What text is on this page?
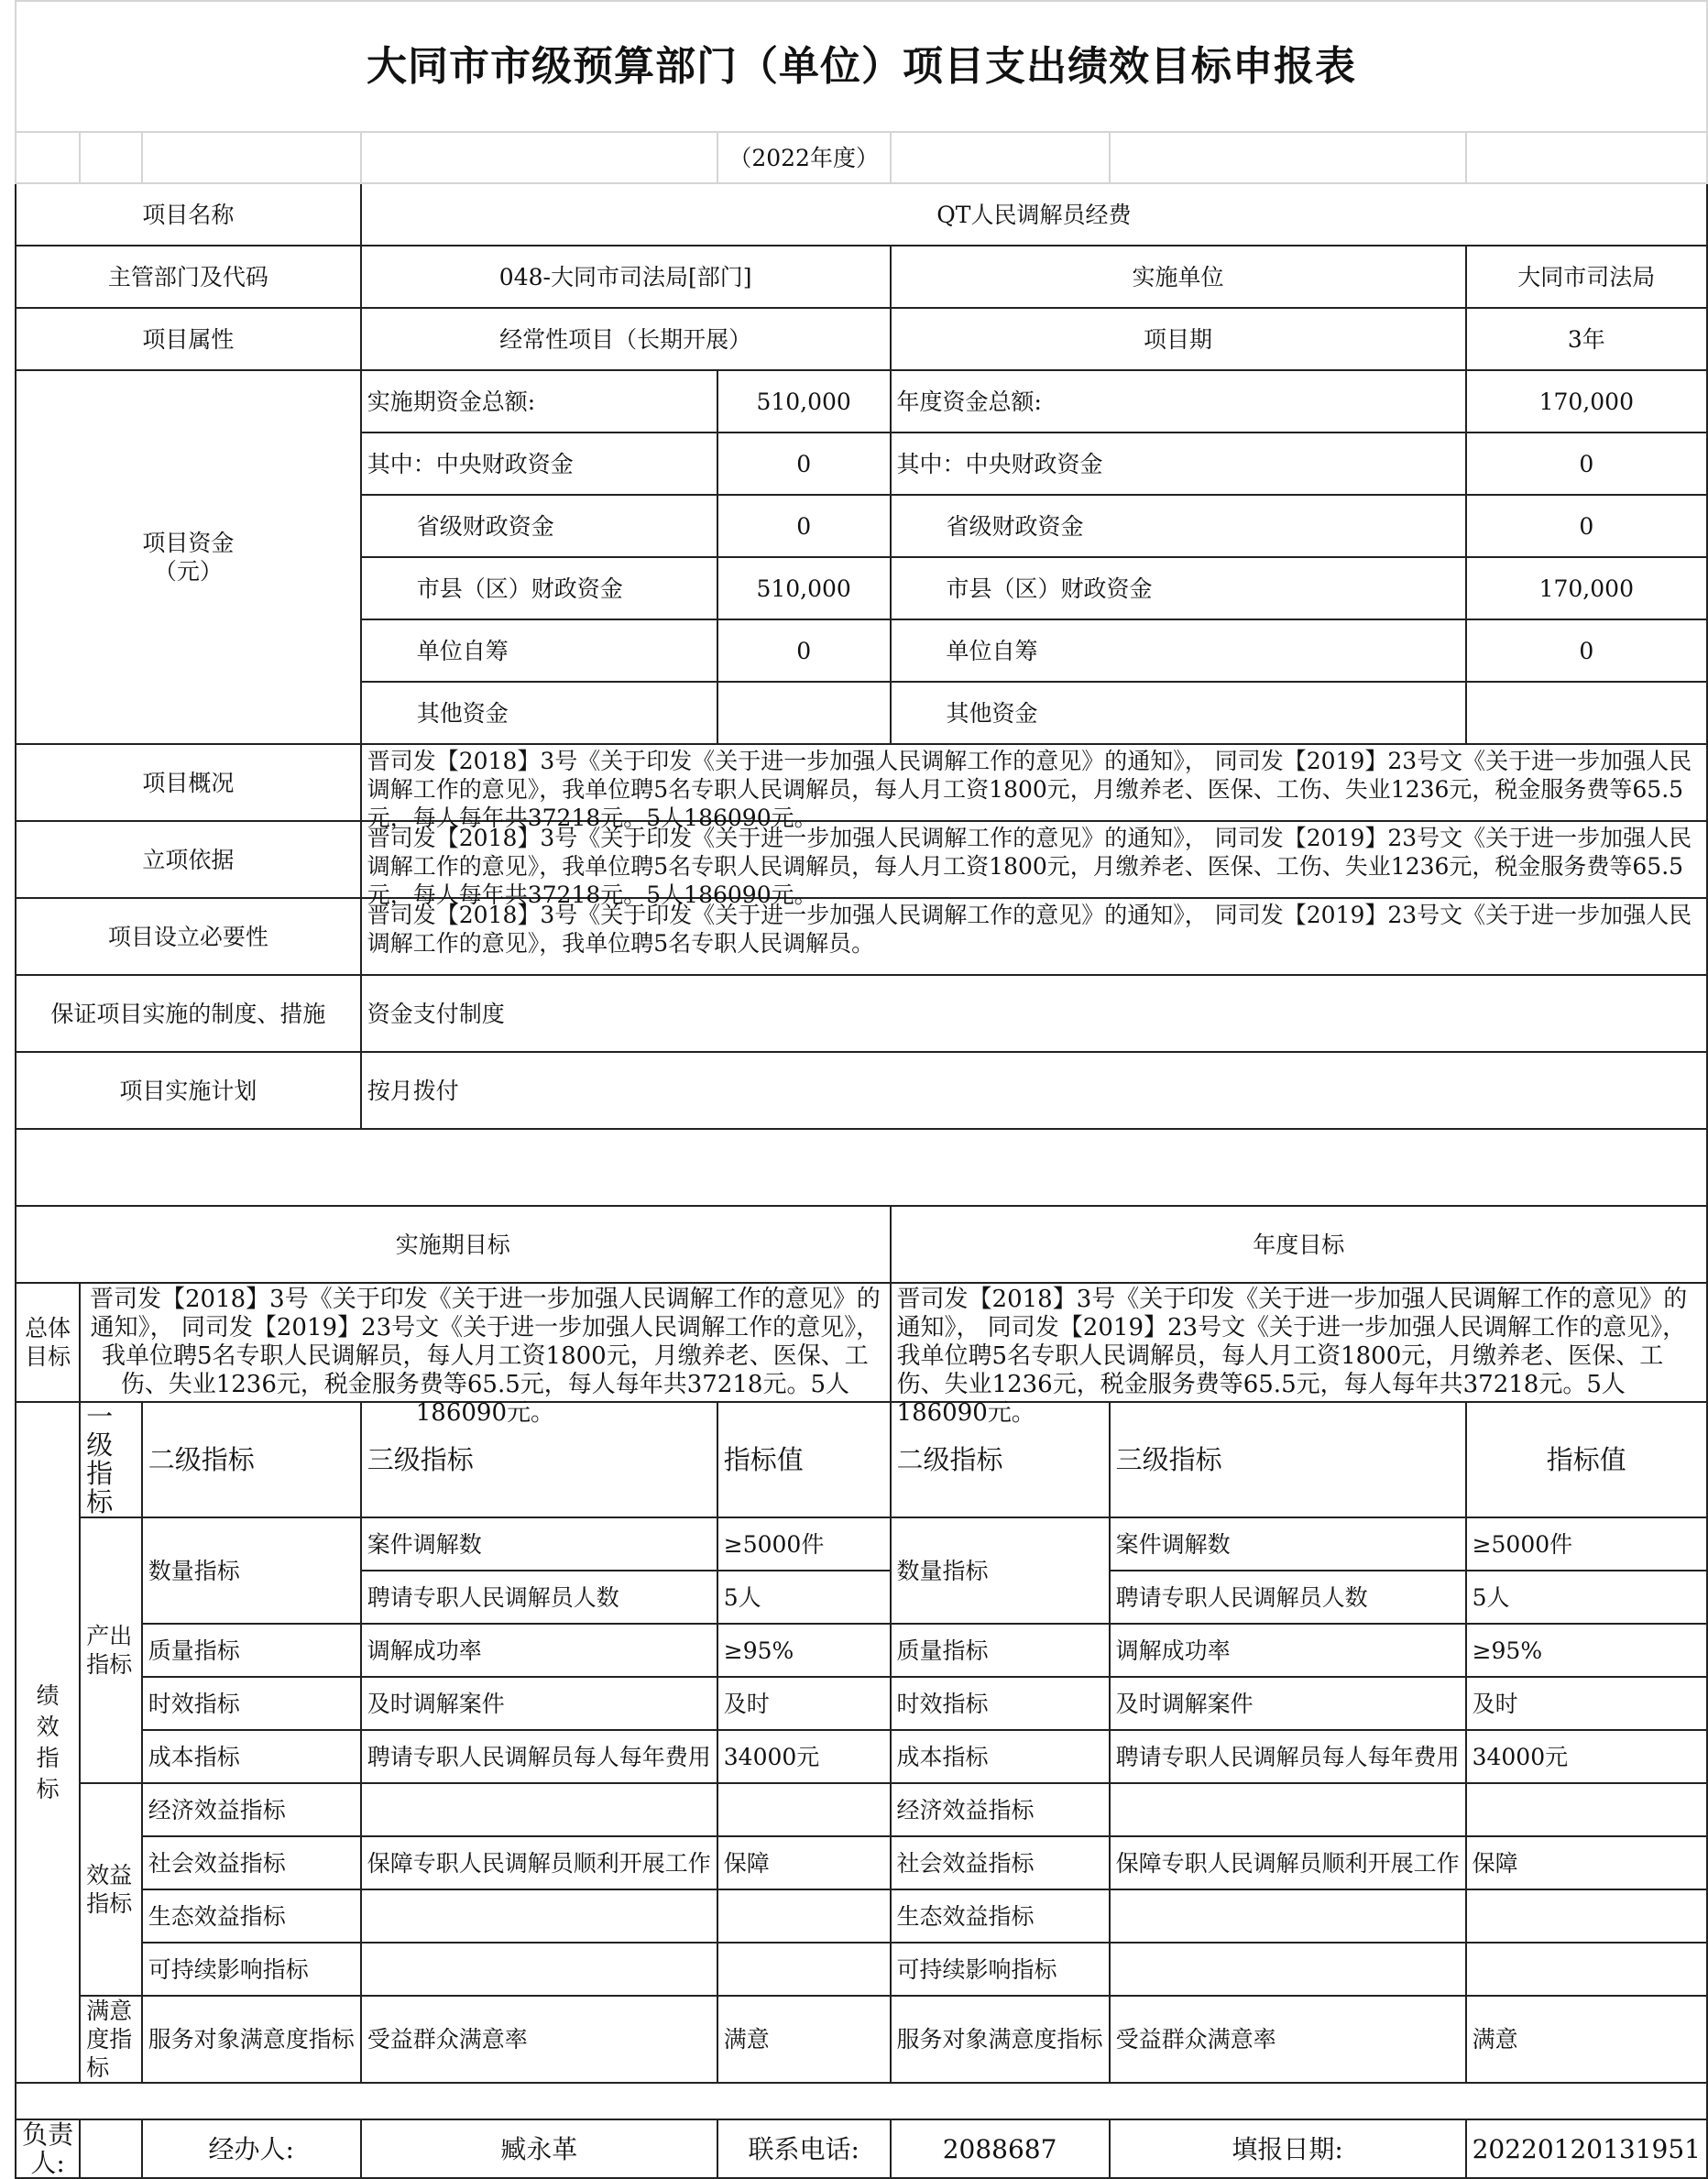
大同市市级预算部门（单位）项目支出绩效目标申报表							
				（2022年度）			
项目名称			QT人民调解员经费				
主管部门及代码			048-大同市司法局[部门]		实施单位		大同市司法局
项目属性			经常性项目（长期开展）		项目期		3年

项目资金
（元）			实施期资金总额:	510,000	年度资金总额:		170,000
			其中：中央财政资金	0	其中：中央财政资金		0
			省级财政资金	0	省级财政资金		0
			市县（区）财政资金	510,000	市县（区）财政资金		170,000
			单位自筹	0	单位自筹		0
			其他资金		其他资金		
项目概况			晋司发【2018】3号《关于印发《关于进一步加强人民调解工作的意见》的通知》， 同司发【2019】23号文《关于进一步加强人民调解工作的意见》，我单位聘5名专职人民调解员，每人月工资1800元，月缴养老、医保、工伤、失业1236元，税金服务费等65.5元，每人每年共37218元。5人186090元。				

立项依据			晋司发【2018】3号《关于印发《关于进一步加强人民调解工作的意见》的通知》， 同司发【2019】23号文《关于进一步加强人民调解工作的意见》，我单位聘5名专职人民调解员，每人月工资1800元，月缴养老、医保、工伤、失业1236元，税金服务费等65.5元，每人每年共37218元。5人186090元。				

项目设立必要性			晋司发【2018】3号《关于印发《关于进一步加强人民调解工作的意见》的通知》， 同司发【2019】23号文《关于进一步加强人民调解工作的意见》，我单位聘5名专职人民调解员。				

保证项目实施的制度、措施			资金支付制度				
项目实施计划			按月拨付				

实施期目标					年度目标		
总体目标	晋司发【2018】3号《关于印发《关于进一步加强人民调解工作的意见》的通知》， 同司发【2019】23号文《关于进一步加强人民调解工作的意见》，我单位聘5名专职人民调解员，每人月工资1800元，月缴养老、医保、工伤、失业1236元，税金服务费等65.5元，每人每年共37218元。5人186090元。				晋司发【2018】3号《关于印发《关于进一步加强人民调解工作的意见》的通知》， 同司发【2019】23号文《关于进一步加强人民调解工作的意见》，我单位聘5名专职人民调解员，每人月工资1800元，月缴养老、医保、工伤、失业1236元，税金服务费等65.5元，每人每年共37218元。5人186090元。		

绩
效
指
标	一级指标	二级指标	三级指标	指标值	二级指标	三级指标	指标值
	产出指标	数量指标	案件调解数	≥5000件	数量指标	案件调解数	≥5000件
			聘请专职人民调解员人数	5人		聘请专职人民调解员人数	5人
		质量指标	调解成功率	≥95%	质量指标	调解成功率	≥95%
		时效指标	及时调解案件	及时	时效指标	及时调解案件	及时
		成本指标	聘请专职人民调解员每人每年费用	34000元	成本指标	聘请专职人民调解员每人每年费用	34000元
	效益指标	经济效益指标			经济效益指标		
		社会效益指标	保障专职人民调解员顺利开展工作	保障	社会效益指标	保障专职人民调解员顺利开展工作	保障
		生态效益指标			生态效益指标		
		可持续影响指标			可持续影响指标		
	满意度指标	服务对象满意度指标	受益群众满意率	满意	服务对象满意度指标	受益群众满意率	满意

负责人:		经办人:	臧永革	联系电话:	2088687	填报日期:	20220120131951
